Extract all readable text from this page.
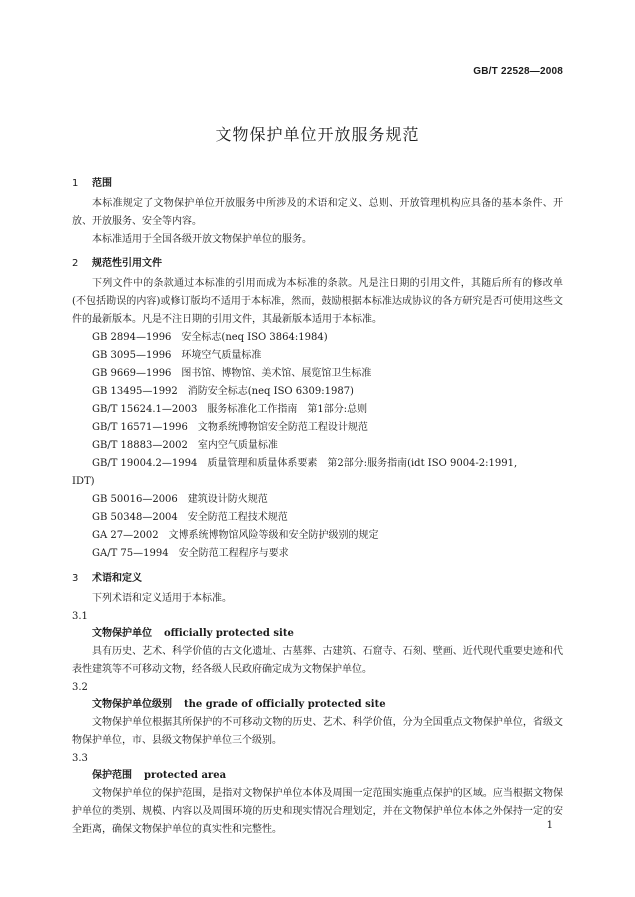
GB/T 22528—2008
文物保护单位开放服务规范
1 范围

本标准规定了文物保护单位开放服务中所涉及的术语和定义、总则、开放管理机构应具备的基本条件、开放、开放服务、安全等内容。

本标准适用于全国各级开放文物保护单位的服务。

2 规范性引用文件

下列文件中的条款通过本标准的引用而成为本标准的条款。凡是注日期的引用文件，其随后所有的修改单(不包括勘误的内容)或修订版均不适用于本标准，然而，鼓励根据本标准达成协议的各方研究是否可使用这些文件的最新版本。凡是不注日期的引用文件，其最新版本适用于本标准。

GB 2894—1996　安全标志(neq ISO 3864:1984)
GB 3095—1996　环境空气质量标准
GB 9669—1996　图书馆、博物馆、美术馆、展览馆卫生标准
GB 13495—1992　消防安全标志(neq ISO 6309:1987)
GB/T 15624.1—2003　服务标准化工作指南　第1部分:总则
GB/T 16571—1996　文物系统博物馆安全防范工程设计规范
GB/T 18883—2002　室内空气质量标准
GB/T 19004.2—1994　质量管理和质量体系要素　第2部分:服务指南(idt ISO 9004-2:1991,
IDT)
GB 50016—2006　建筑设计防火规范
GB 50348—2004　安全防范工程技术规范
GA 27—2002　文博系统博物馆风险等级和安全防护级别的规定
GA/T 75—1994　安全防范工程程序与要求
3 术语和定义

下列术语和定义适用于本标准。

3.1
文物保护单位 officially protected site

具有历史、艺术、科学价值的古文化遗址、古墓葬、古建筑、石窟寺、石刻、壁画、近代现代重要史迹和代表性建筑等不可移动文物，经各级人民政府确定成为文物保护单位。

3.2
文物保护单位级别 the grade of officially protected site

文物保护单位根据其所保护的不可移动文物的历史、艺术、科学价值，分为全国重点文物保护单位，省级文物保护单位，市、县级文物保护单位三个级别。

3.3
保护范围 protected area

文物保护单位的保护范围，是指对文物保护单位本体及周围一定范围实施重点保护的区域。应当根据文物保护单位的类别、规模、内容以及周围环境的历史和现实情况合理划定，并在文物保护单位本体之外保持一定的安全距离，确保文物保护单位的真实性和完整性。	1
